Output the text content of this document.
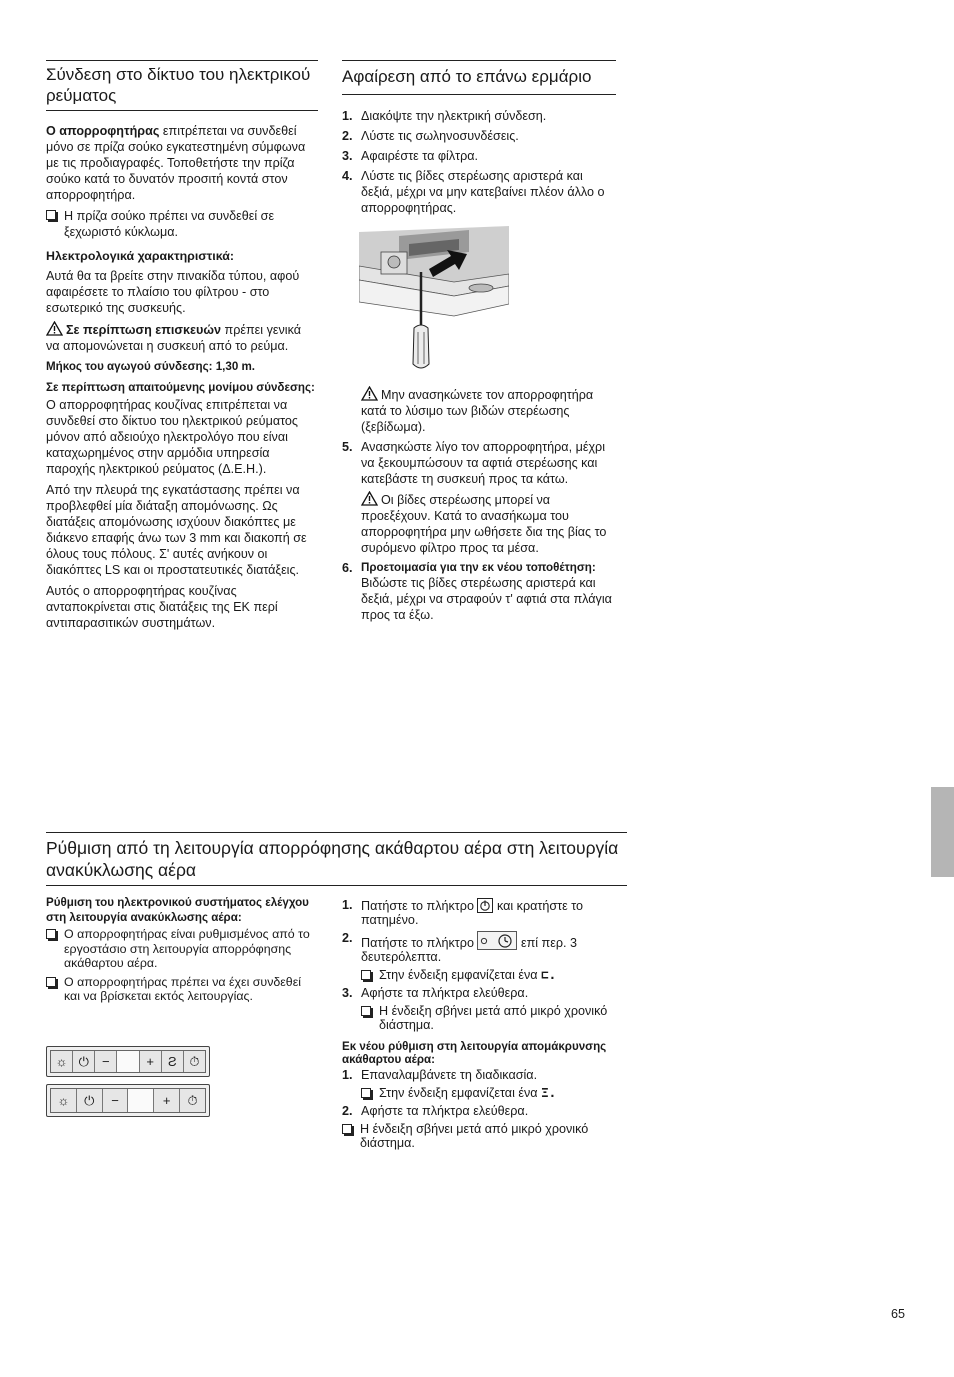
Σύνδεση στο δίκτυο του ηλεκτρικού ρεύματος

Ο απορροφητήρας επιτρέπεται να συνδεθεί μόνο σε πρίζα σούκο εγκατεστημένη σύμφωνα με τις προδιαγραφές. Τοποθετήστε την πρίζα σούκο κατά το δυνατόν προσιτή κοντά στον απορροφητήρα.

Η πρίζα σούκο πρέπει να συνδεθεί σε ξεχωριστό κύκλωμα.
Ηλεκτρολογικά χαρακτηριστικά:

Αυτά θα τα βρείτε στην πινακίδα τύπου, αφού αφαιρέσετε το πλαίσιο του φίλτρου - στο εσωτερικό της συσκευής.

Σε περίπτωση επισκευών πρέπει γενικά να απομονώνεται η συσκευή από το ρεύμα.

Μήκος του αγωγού σύνδεσης: 1,30 m.
Σε περίπτωση απαιτούμενης μονίμου σύνδεσης:

Ο απορροφητήρας κουζίνας επιτρέπεται να συνδεθεί στο δίκτυο του ηλεκτρικού ρεύματος μόνον από αδειούχο ηλεκτρολόγο που είναι καταχωρημένος στην αρμόδια υπηρεσία παροχής ηλεκτρικού ρεύματος (Δ.Ε.Η.).

Από την πλευρά της εγκατάστασης πρέπει να προβλεφθεί μία διάταξη απομόνωσης. Ως διατάξεις απομόνωσης ισχύουν διακόπτες με διάκενο επαφής άνω των 3 mm και διακοπή σε όλους τους πόλους. Σ' αυτές ανήκουν οι διακόπτες LS και οι προστατευτικές διατάξεις.

Αυτός ο απορροφητήρας κουζίνας ανταποκρίνεται στις διατάξεις της ΕΚ περί αντιπαρασιτικών συστημάτων.

Αφαίρεση από το επάνω ερμάριο
1. Διακόψτε την ηλεκτρική σύνδεση.
2. Λύστε τις σωληνοσυνδέσεις.
3. Αφαιρέστε τα φίλτρα.
4. Λύστε τις βίδες στερέωσης αριστερά και δεξιά, μέχρι να μην κατεβαίνει πλέον άλλο ο απορροφητήρας.
Μην ανασηκώνετε τον απορροφητήρα κατά το λύσιμο των βιδών στερέωσης (ξεβίδωμα).
5. Ανασηκώστε λίγο τον απορροφητήρα, μέχρι να ξεκουμπώσουν τα αφτιά στερέωσης και κατεβάστε τη συσκευή προς τα κάτω.
Οι βίδες στερέωσης μπορεί να προεξέχουν. Κατά το ανασήκωμα του απορροφητήρα μην ωθήσετε δια της βίας το συρόμενο φίλτρο προς τα μέσα.
6. Προετοιμασία για την εκ νέου τοποθέτηση:
Βιδώστε τις βίδες στερέωσης αριστερά και δεξιά, μέχρι να στραφούν τ' αφτιά στα πλάγια προς τα έξω.
Ρύθμιση από τη λειτουργία απορρόφησης ακάθαρτου αέρα στη λειτουργία ανακύκλωσης αέρα
Ρύθμιση του ηλεκτρονικού συστήματος ελέγχου στη λειτουργία ανακύκλωσης αέρα:
Ο απορροφητήρας είναι ρυθμισμένος από το εργοστάσιο στη λειτουργία απορρόφησης ακάθαρτου αέρα.
Ο απορροφητήρας πρέπει να έχει συνδεθεί και να βρίσκεται εκτός λειτουργίας.
☼ ⏻ −	+ Ƨ ⏱
☼ ⏻ −	+ ⏱
1. Πατήστε το πλήκτρο και κρατήστε το πατημένο.
2. Πατήστε το πλήκτρο	επί περ. 3 δευτερόλεπτα.
Στην ένδειξη εμφανίζεται ένα ⊏.
3. Αφήστε τα πλήκτρα ελεύθερα.
Η ένδειξη σβήνει μετά από μικρό χρονικό διάστημα.
Εκ νέου ρύθμιση στη λειτουργία απομάκρυνσης ακάθαρτου αέρα:
1. Επαναλαμβάνετε τη διαδικασία.
Στην ένδειξη εμφανίζεται ένα Ξ.
2. Αφήστε τα πλήκτρα ελεύθερα.
Η ένδειξη σβήνει μετά από μικρό χρονικό διάστημα.
65
